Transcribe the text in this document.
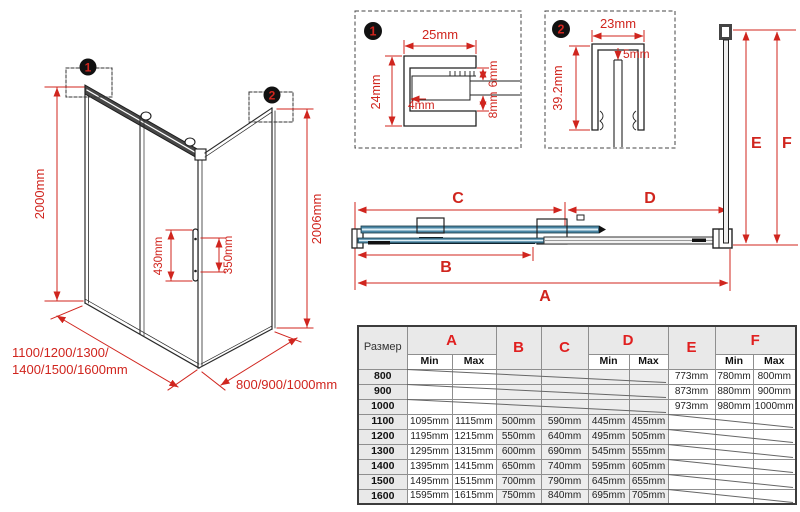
1
2
2000mm	2006mm
430mm	350mm
1100/1200/1300/
1400/1500/1600mm
800/900/1000mm
1	25mm
24mm
6mm
8mm
4mm
2	23mm
39.2mm
5mm
C	D
B
A
E F
Размер	A		B	C	D		E	F	
	Min	Max			Min	Max		Min	Max
800							773mm	780mm	800mm
900							873mm	880mm	900mm
1000							973mm	980mm	1000mm
1100	1095mm	1115mm	500mm	590mm	445mm	455mm			
1200	1195mm	1215mm	550mm	640mm	495mm	505mm			
1300	1295mm	1315mm	600mm	690mm	545mm	555mm			
1400	1395mm	1415mm	650mm	740mm	595mm	605mm			
1500	1495mm	1515mm	700mm	790mm	645mm	655mm			
1600	1595mm	1615mm	750mm	840mm	695mm	705mm			
